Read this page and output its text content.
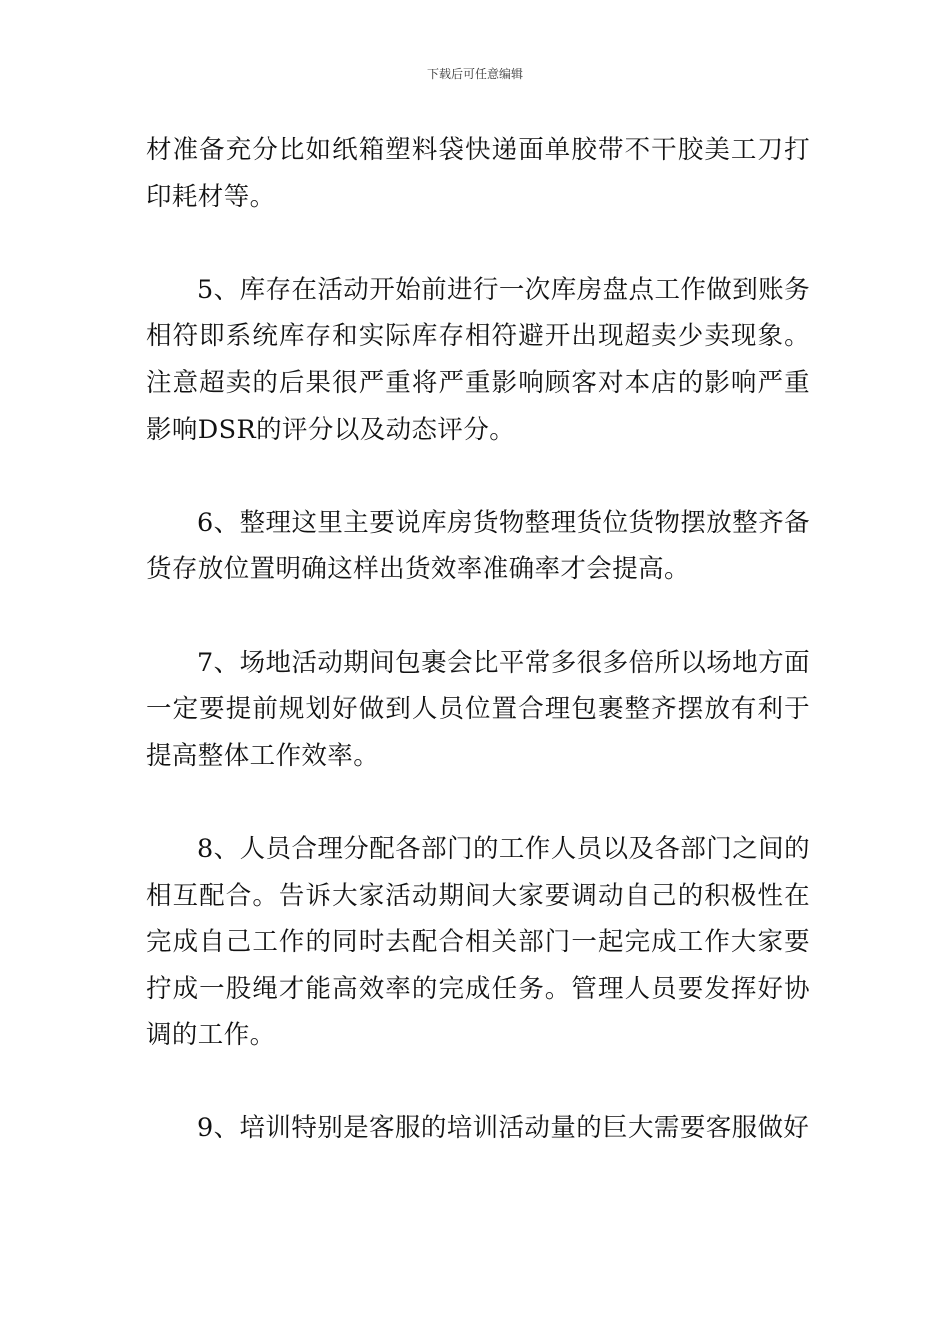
下载后可任意编辑

材准备充分比如纸箱塑料袋快递面单胶带不干胶美工刀打印耗材等。

5、库存在活动开始前进行一次库房盘点工作做到账务相符即系统库存和实际库存相符避开出现超卖少卖现象。注意超卖的后果很严重将严重影响顾客对本店的影响严重影响DSR的评分以及动态评分。

6、整理这里主要说库房货物整理货位货物摆放整齐备货存放位置明确这样出货效率准确率才会提高。

7、场地活动期间包裹会比平常多很多倍所以场地方面一定要提前规划好做到人员位置合理包裹整齐摆放有利于提高整体工作效率。

8、人员合理分配各部门的工作人员以及各部门之间的相互配合。告诉大家活动期间大家要调动自己的积极性在完成自己工作的同时去配合相关部门一起完成工作大家要拧成一股绳才能高效率的完成任务。管理人员要发挥好协调的工作。

9、培训特别是客服的培训活动量的巨大需要客服做好
